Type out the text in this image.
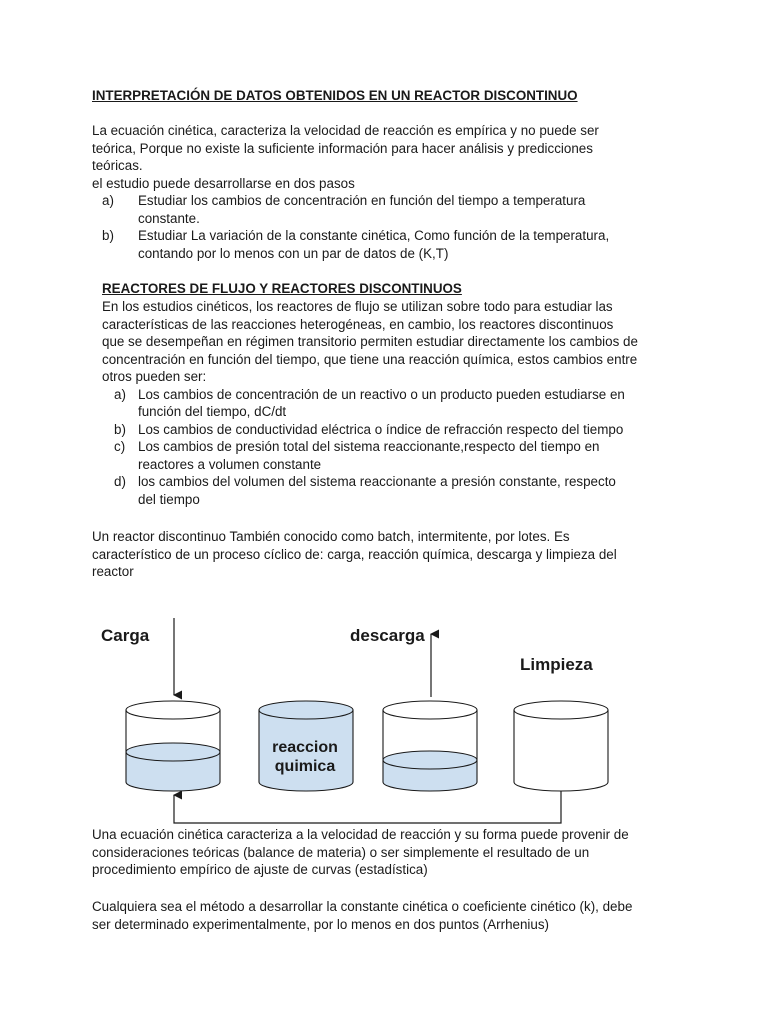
INTERPRETACIÓN DE DATOS OBTENIDOS EN UN REACTOR DISCONTINUO

La ecuación cinética, caracteriza la velocidad de reacción es empírica y no puede ser

teórica, Porque no existe la suficiente información para hacer análisis y predicciones

teóricas.

el estudio puede desarrollarse en dos pasos

a) Estudiar los cambios de concentración en función del tiempo a temperatura

constante.

b) Estudiar La variación de la constante cinética, Como función de la temperatura,

contando por lo menos con un par de datos de (K,T)

REACTORES DE FLUJO Y REACTORES DISCONTINUOS

En los estudios cinéticos, los reactores de flujo se utilizan sobre todo para estudiar las

características de las reacciones heterogéneas, en cambio, los reactores discontinuos

que se desempeñan en régimen transitorio permiten estudiar directamente los cambios de

concentración en función del tiempo, que tiene una reacción química, estos cambios entre

otros pueden ser:

a) Los cambios de concentración de un reactivo o un producto pueden estudiarse en

función del tiempo, dC/dt

b) Los cambios de conductividad eléctrica o índice de refracción respecto del tiempo

c) Los cambios de presión total del sistema reaccionante,respecto del tiempo en

reactores a volumen constante

d) los cambios del volumen del sistema reaccionante a presión constante, respecto

del tiempo

Un reactor discontinuo También conocido como batch, intermitente, por lotes. Es

característico de un proceso cíclico de: carga, reacción química, descarga y limpieza del

reactor

Carga	descarga
Limpieza
reaccion
quimica

Una ecuación cinética caracteriza a la velocidad de reacción y su forma puede provenir de

consideraciones teóricas (balance de materia) o ser simplemente el resultado de un

procedimiento empírico de ajuste de curvas (estadística)

Cualquiera sea el método a desarrollar la constante cinética o coeficiente cinético (k), debe

ser determinado experimentalmente, por lo menos en dos puntos (Arrhenius)
